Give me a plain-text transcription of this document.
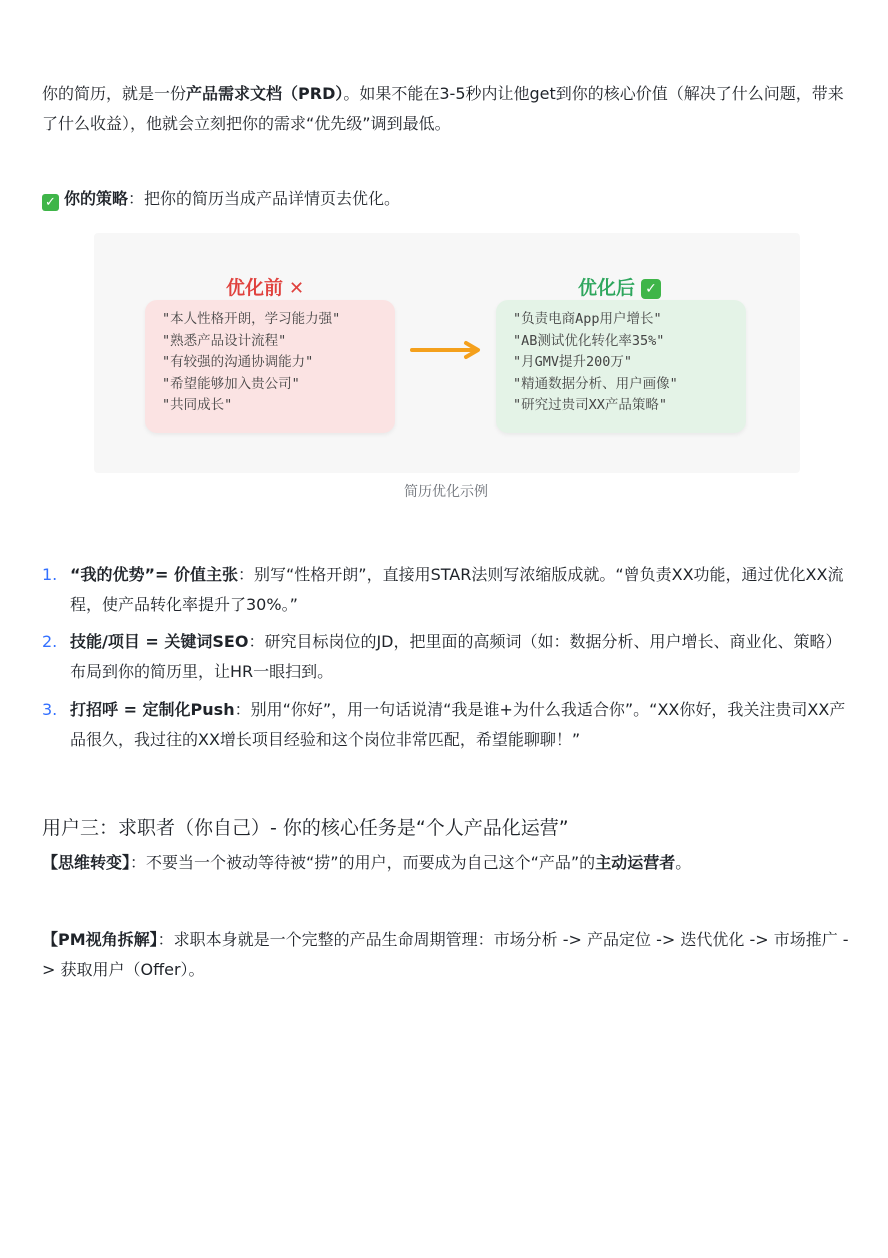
你的简历，就是一份产品需求文档（PRD）。如果不能在3-5秒内让他get到你的核心价值（解决了什么问题，带来了什么收益），他就会立刻把你的需求“优先级”调到最低。

✓ 你的策略：把你的简历当成产品详情页去优化。

优化前 ✕	优化后 ✓
"本人性格开朗，学习能力强"
"熟悉产品设计流程"
"有较强的沟通协调能力"
"希望能够加入贵公司"
"共同成长"
"负责电商App用户增长"
"AB测试优化转化率35%"
"月GMV提升200万"
"精通数据分析、用户画像"
"研究过贵司XX产品策略"
简历优化示例
1. “我的优势”= 价值主张：别写“性格开朗”，直接用STAR法则写浓缩版成就。“曾负责XX功能，通过优化XX流程，使产品转化率提升了30%。”
2. 技能/项目 = 关键词SEO：研究目标岗位的JD，把里面的高频词（如：数据分析、用户增长、商业化、策略）布局到你的简历里，让HR一眼扫到。
3. 打招呼 = 定制化Push：别用“你好”，用一句话说清“我是谁+为什么我适合你”。“XX你好，我关注贵司XX产品很久，我过往的XX增长项目经验和这个岗位非常匹配，希望能聊聊！”
用户三：求职者（你自己）- 你的核心任务是“个人产品化运营”

【思维转变】：不要当一个被动等待被“捞”的用户，而要成为自己这个“产品”的主动运营者。

【PM视角拆解】：求职本身就是一个完整的产品生命周期管理：市场分析 -> 产品定位 -> 迭代优化 -> 市场推广 -> 获取用户（Offer）。
